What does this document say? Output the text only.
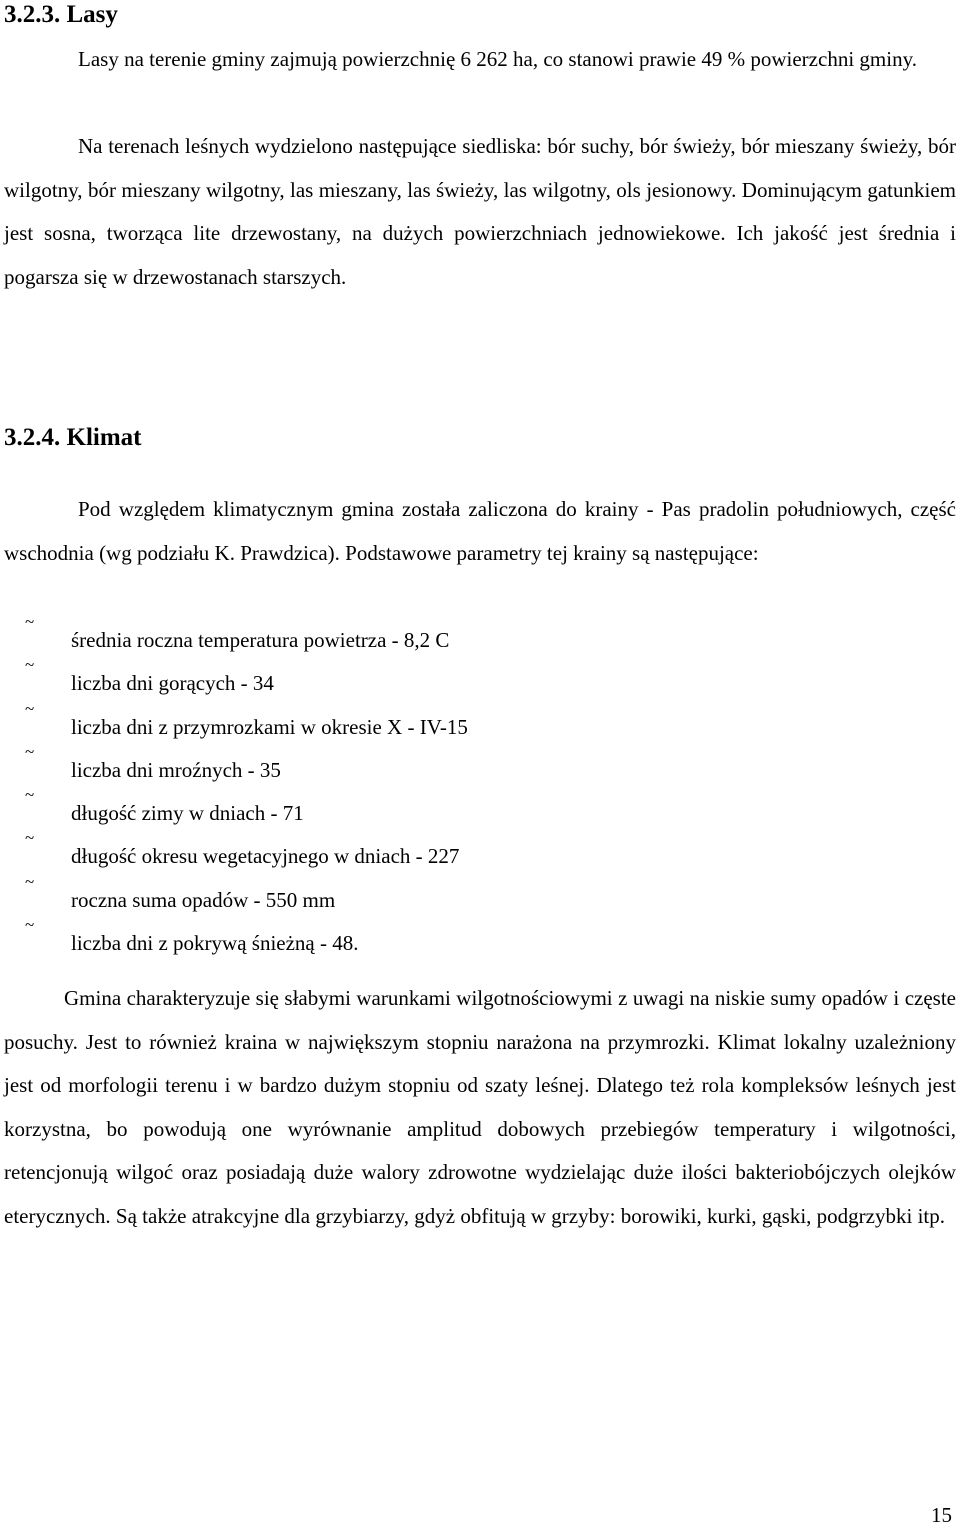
3.2.3. Lasy

Lasy na terenie gminy zajmują powierzchnię 6 262 ha, co stanowi prawie 49 % powierzchni gminy.

Na terenach leśnych wydzielono następujące siedliska: bór suchy, bór świeży, bór mieszany świeży, bór wilgotny, bór mieszany wilgotny, las mieszany, las świeży, las wilgotny, ols jesionowy. Dominującym gatunkiem jest sosna, tworząca lite drzewostany, na dużych powierzchniach jednowiekowe. Ich jakość jest średnia i pogarsza się w drzewostanach starszych.

3.2.4. Klimat

Pod względem klimatycznym gmina została zaliczona do krainy - Pas pradolin południowych, część wschodnia (wg podziału K. Prawdzica). Podstawowe parametry tej krainy są następujące:

~
średnia roczna temperatura powietrza - 8,2 C
~
liczba dni gorących - 34
~
liczba dni z przymrozkami w okresie X - IV-15
~
liczba dni mroźnych - 35
~
długość zimy w dniach - 71
~
długość okresu wegetacyjnego w dniach - 227
~
roczna suma opadów - 550 mm
~
liczba dni z pokrywą śnieżną - 48.

Gmina charakteryzuje się słabymi warunkami wilgotnościowymi z uwagi na niskie sumy opadów i częste posuchy. Jest to również kraina w największym stopniu narażona na przymrozki. Klimat lokalny uzależniony jest od morfologii terenu i w bardzo dużym stopniu od szaty leśnej. Dlatego też rola kompleksów leśnych jest korzystna, bo powodują one wyrównanie amplitud dobowych przebiegów temperatury i wilgotności, retencjonują wilgoć oraz posiadają duże walory zdrowotne wydzielając duże ilości bakteriobójczych olejków eterycznych. Są także atrakcyjne dla grzybiarzy, gdyż obfitują w grzyby: borowiki, kurki, gąski, podgrzybki itp.

15
